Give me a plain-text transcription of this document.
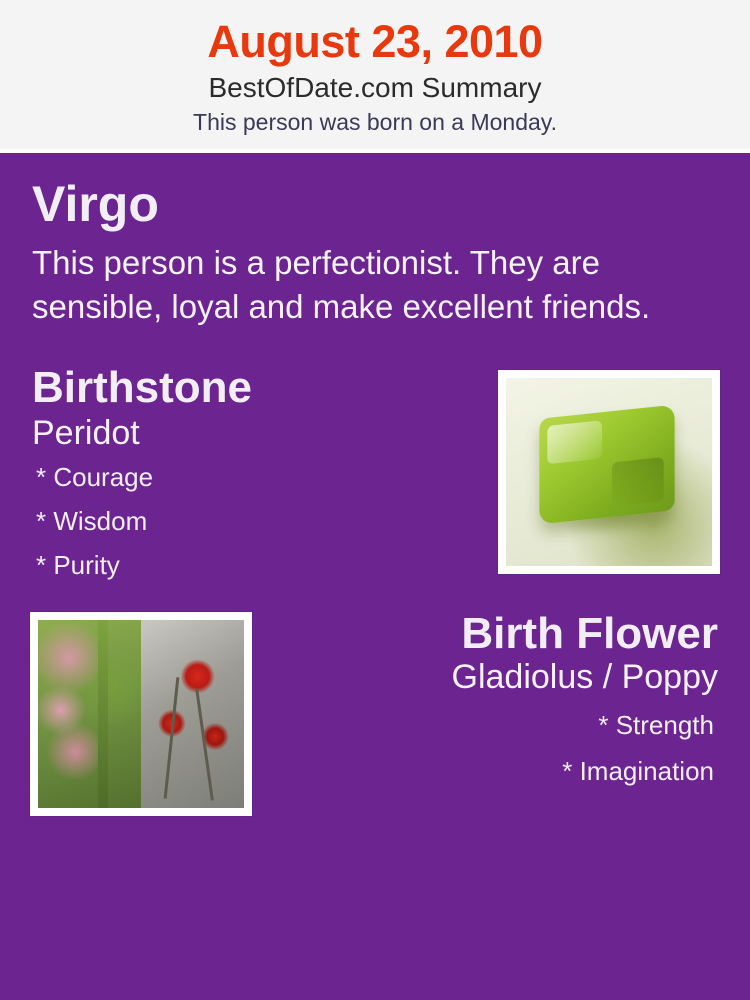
August 23, 2010
BestOfDate.com Summary
This person was born on a Monday.
Virgo
This person is a perfectionist. They are sensible, loyal and make excellent friends.
Birthstone
Peridot
* Courage
* Wisdom
* Purity
Birth Flower
Gladiolus / Poppy
* Strength
* Imagination
